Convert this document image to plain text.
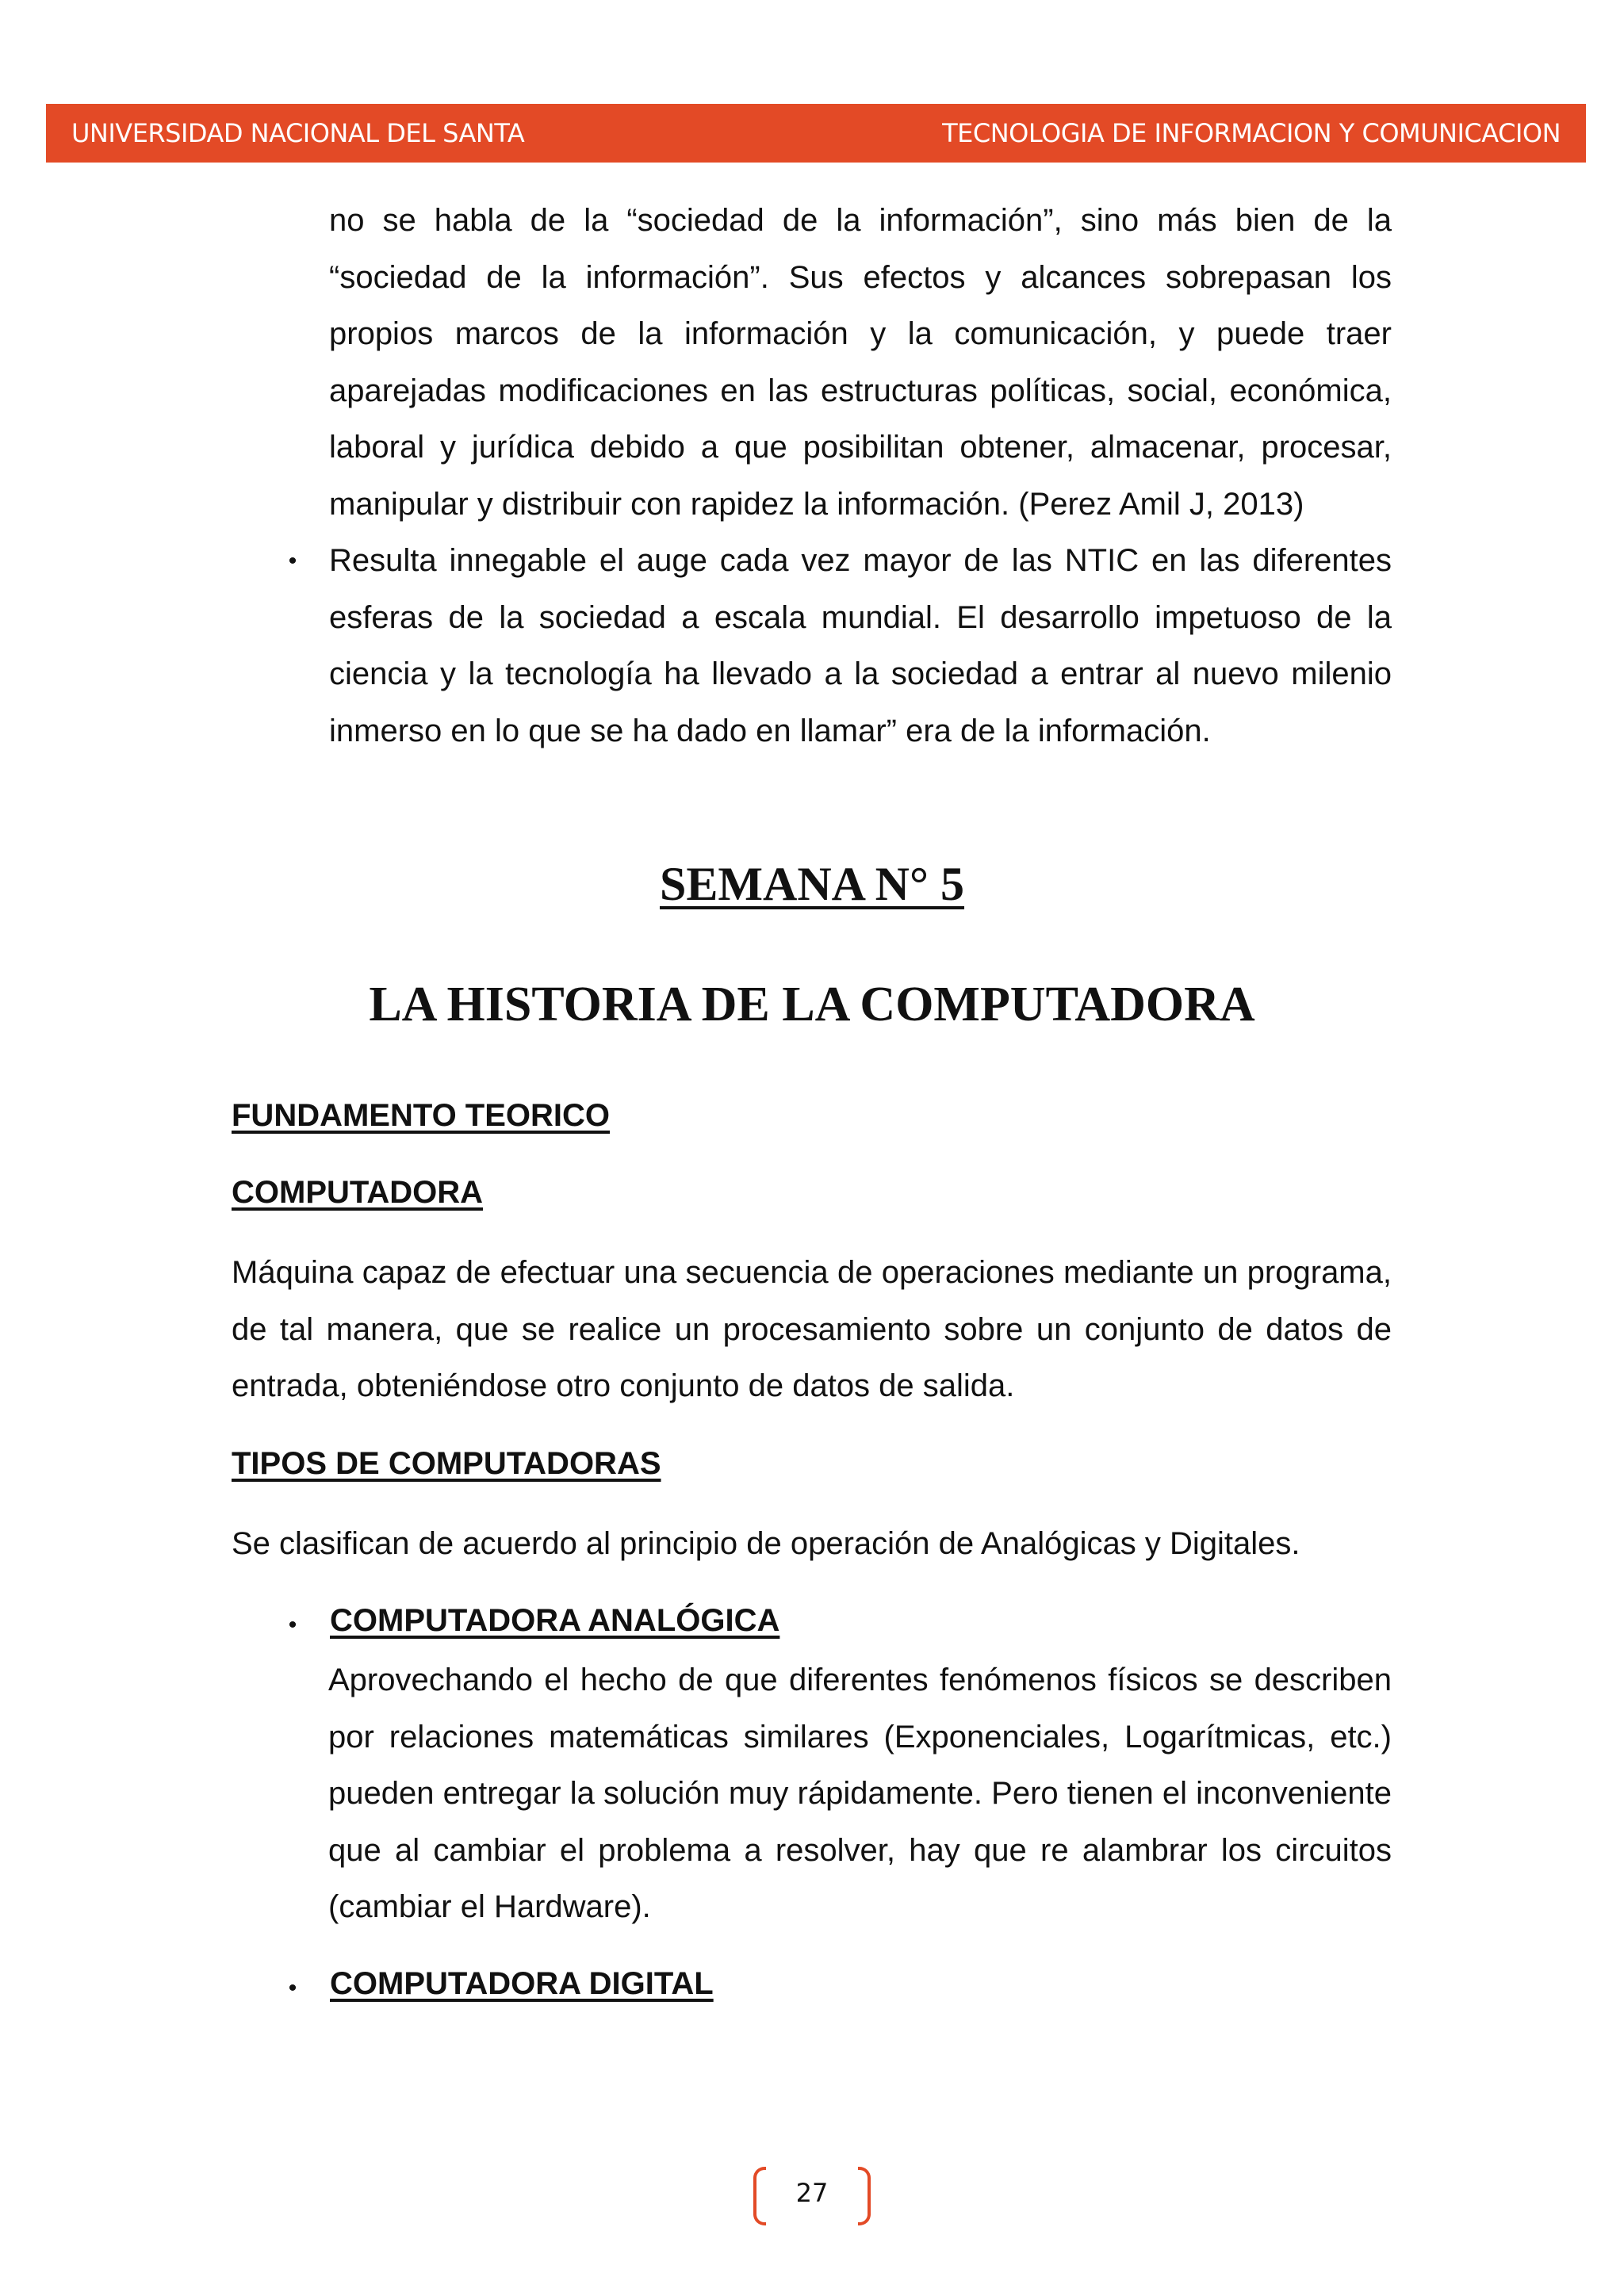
UNIVERSIDAD NACIONAL DEL SANTA	TECNOLOGIA DE INFORMACION Y COMUNICACION

no se habla de la “sociedad de la información”, sino más bien de la “sociedad de la información”. Sus efectos y alcances sobrepasan los propios marcos de la información y la comunicación, y puede traer aparejadas modificaciones en las estructuras políticas, social, económica, laboral y jurídica debido a que posibilitan obtener, almacenar, procesar, manipular y distribuir con rapidez la información. (Perez Amil J, 2013)

• Resulta innegable el auge cada vez mayor de las NTIC en las diferentes esferas de la sociedad a escala mundial. El desarrollo impetuoso de la ciencia y la tecnología ha llevado a la sociedad a entrar al nuevo milenio inmerso en lo que se ha dado en llamar” era de la información.

SEMANA N° 5
LA HISTORIA DE LA COMPUTADORA

FUNDAMENTO TEORICO

COMPUTADORA

Máquina capaz de efectuar una secuencia de operaciones mediante un programa, de tal manera, que se realice un procesamiento sobre un conjunto de datos de entrada, obteniéndose otro conjunto de datos de salida.

TIPOS DE COMPUTADORAS

Se clasifican de acuerdo al principio de operación de Analógicas y Digitales.

• COMPUTADORA ANALÓGICA

Aprovechando el hecho de que diferentes fenómenos físicos se describen por relaciones matemáticas similares (Exponenciales, Logarítmicas, etc.) pueden entregar la solución muy rápidamente. Pero tienen el inconveniente que al cambiar el problema a resolver, hay que re alambrar los circuitos (cambiar el Hardware).

• COMPUTADORA DIGITAL

27
